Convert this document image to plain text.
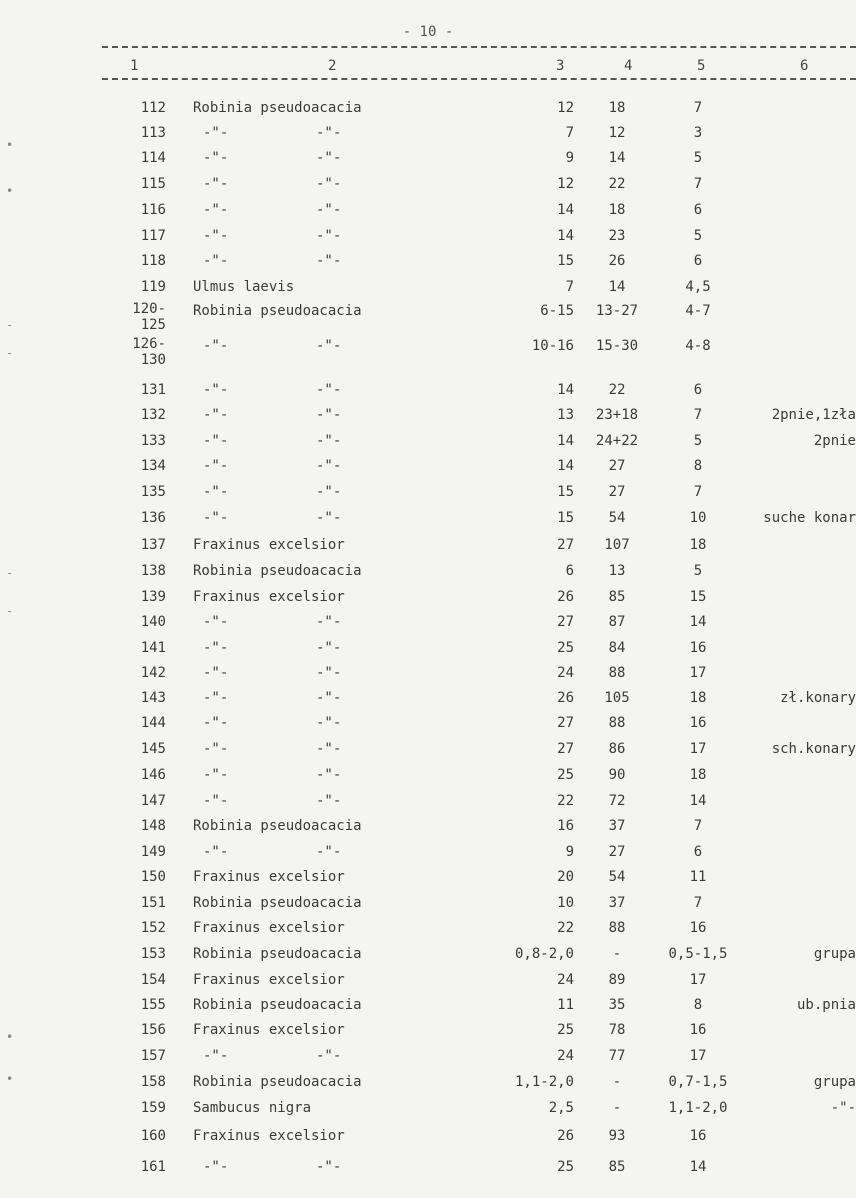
- 10 -
1	2	3	4	5	6
•
•
-
-
-
-
•
•
112 Robinia pseudoacacia	12	18	7
113	-"-	-"-	7	12	3
114	-"-	-"-	9	14	5
115	-"-	-"-	12	22	7
116	-"-	-"-	14	18	6
117	-"-	-"-	14	23	5
118	-"-	-"-	15	26	6
119 Ulmus laevis	7	14	4,5
120-
125
Robinia pseudoacacia	6-15	13-27	4-7
126-
130
-"-	-"-	10-16	15-30	4-8
131	-"-	-"-	14	22	6
132	-"-	-"-	13	23+18	7	2pnie,1zła
133	-"-	-"-	14	24+22	5	2pnie
134	-"-	-"-	14	27	8
135	-"-	-"-	15	27	7
136	-"-	-"-	15	54	10	suche konar
137 Fraxinus excelsior	27	107	18
138 Robinia pseudoacacia	6	13	5
139 Fraxinus excelsior	26	85	15
140	-"-	-"-	27	87	14
141	-"-	-"-	25	84	16
142	-"-	-"-	24	88	17
143	-"-	-"-	26	105	18	zł.konary
144	-"-	-"-	27	88	16
145	-"-	-"-	27	86	17	sch.konary
146	-"-	-"-	25	90	18
147	-"-	-"-	22	72	14
148 Robinia pseudoacacia	16	37	7
149	-"-	-"-	9	27	6
150 Fraxinus excelsior	20	54	11
151 Robinia pseudoacacia	10	37	7
152 Fraxinus excelsior	22	88	16
153 Robinia pseudoacacia	0,8-2,0	-	0,5-1,5	grupa
154 Fraxinus excelsior	24	89	17
155 Robinia pseudoacacia	11	35	8	ub.pnia
156 Fraxinus excelsior	25	78	16
157	-"-	-"-	24	77	17
158 Robinia pseudoacacia	1,1-2,0	-	0,7-1,5	grupa
159 Sambucus nigra	2,5	-	1,1-2,0	-"-
160 Fraxinus excelsior	26	93	16
161	-"-	-"-	25	85	14
